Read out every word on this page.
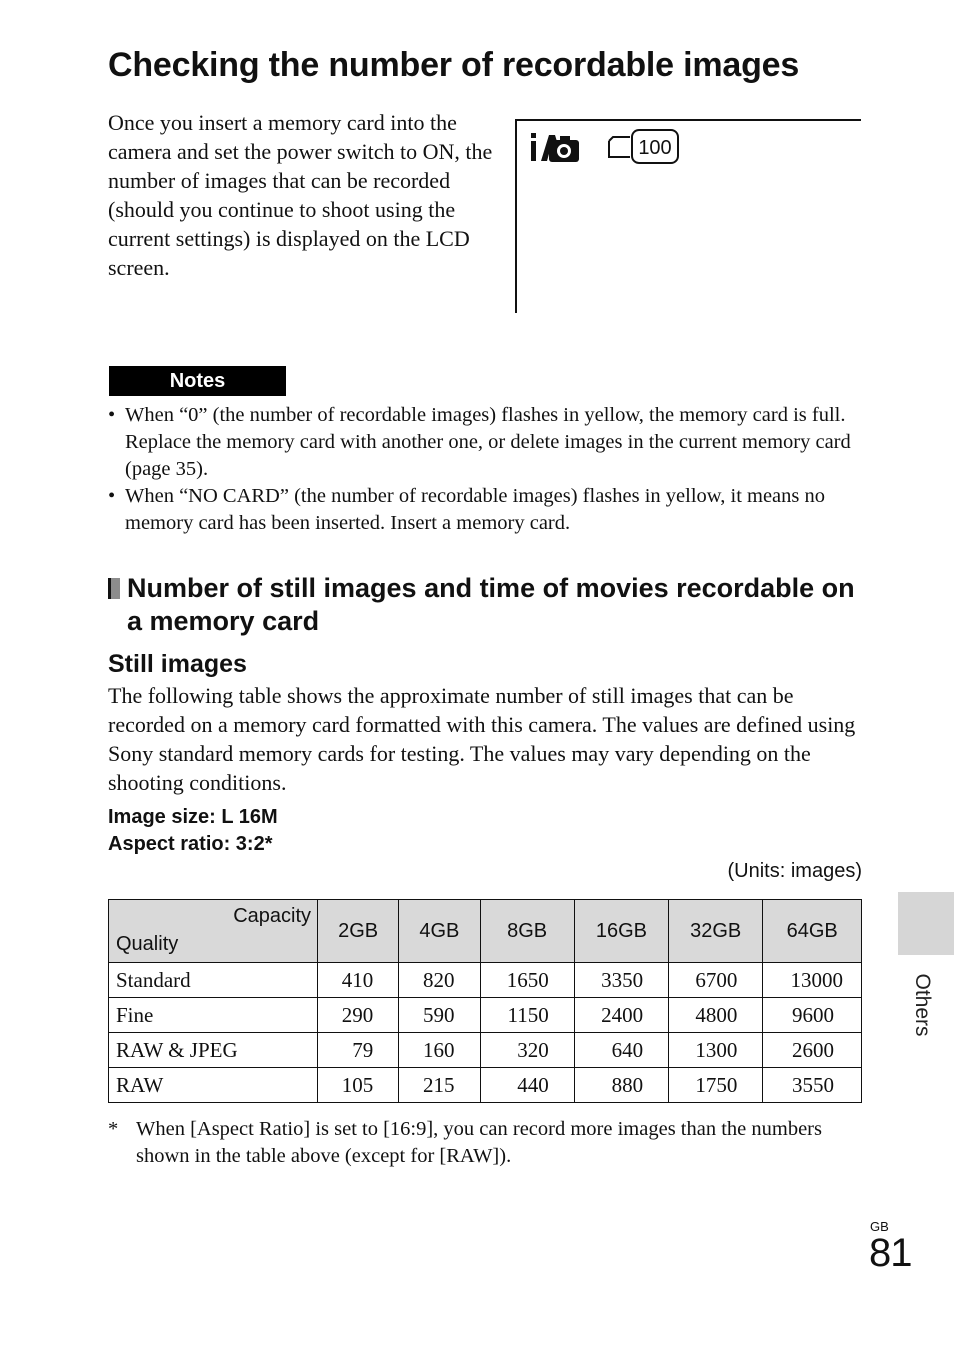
Checking the number of recordable images
Once you insert a memory card into the camera and set the power switch to ON, the number of images that can be recorded (should you continue to shoot using the current settings) is displayed on the LCD screen.
100
Notes
• When “0” (the number of recordable images) flashes in yellow, the memory card is full. Replace the memory card with another one, or delete images in the current memory card (page 35).
• When “NO CARD” (the number of recordable images) flashes in yellow, it means no memory card has been inserted. Insert a memory card.
Number of still images and time of movies recordable on a memory card
Still images
The following table shows the approximate number of still images that can be recorded on a memory card formatted with this camera. The values are defined using Sony standard memory cards for testing. The values may vary depending on the shooting conditions.
Image size: L 16M
Aspect ratio: 3:2*
(Units: images)
Capacity
Quality	2GB	4GB	8GB	16GB	32GB	64GB
Standard	410	820	1650	3350	6700	13000
Fine	290	590	1150	2400	4800	9600
RAW & JPEG	79	160	320	640	1300	2600
RAW	105	215	440	880	1750	3550
* When [Aspect Ratio] is set to [16:9], you can record more images than the numbers shown in the table above (except for [RAW]).
Others
GB
81
